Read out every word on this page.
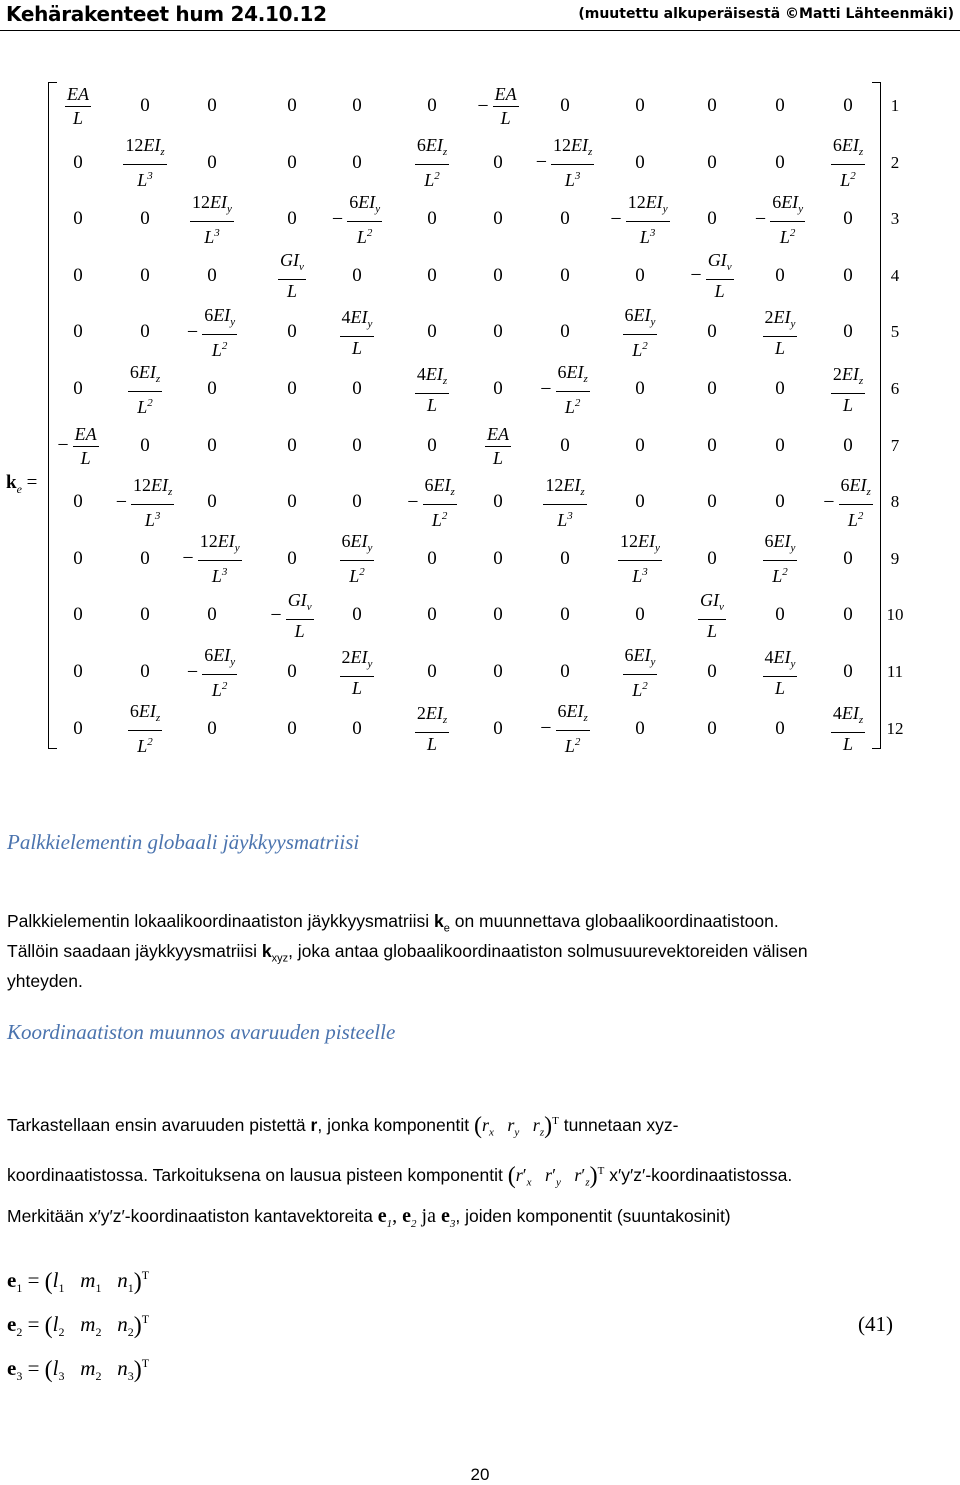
Kehärakenteet hum 24.10.12	(muutettu alkuperäisestä ©Matti Lähteenmäki)
$k_e$ =
$\frac{EA}{L}$	0	0	0	0	0	− $\frac{EA}{L}$	0	0	0	0	0	1
0	$\frac{12EI_z}{L^3}$	0	0	0	$\frac{6EI_z}{L^2}$	0	− $\frac{12EI_z}{L^3}$	0	0	0	$\frac{6EI_z}{L^2}$	2
0	0	$\frac{12EI_y}{L^3}$	0	− $\frac{6EI_y}{L^2}$	0	0	0	− $\frac{12EI_y}{L^3}$	0	− $\frac{6EI_y}{L^2}$	0	3
0	0	0	$\frac{GI_v}{L}$	0	0	0	0	0	− $\frac{GI_v}{L}$	0	0	4
0	0	− $\frac{6EI_y}{L^2}$	0	$\frac{4EI_y}{L}$	0	0	0	$\frac{6EI_y}{L^2}$	0	$\frac{2EI_y}{L}$	0	5
0	$\frac{6EI_z}{L^2}$	0	0	0	$\frac{4EI_z}{L}$	0	− $\frac{6EI_z}{L^2}$	0	0	0	$\frac{2EI_z}{L}$	6
− $\frac{EA}{L}$	0	0	0	0	0	$\frac{EA}{L}$	0	0	0	0	0	7
0	− $\frac{12EI_z}{L^3}$	0	0	0	− $\frac{6EI_z}{L^2}$	0	$\frac{12EI_z}{L^3}$	0	0	0	− $\frac{6EI_z}{L^2}$	8
0	0	− $\frac{12EI_y}{L^3}$	0	$\frac{6EI_y}{L^2}$	0	0	0	$\frac{12EI_y}{L^3}$	0	$\frac{6EI_y}{L^2}$	0	9
0	0	0	− $\frac{GI_v}{L}$	0	0	0	0	0	$\frac{GI_v}{L}$	0	0	10
0	0	− $\frac{6EI_y}{L^2}$	0	$\frac{2EI_y}{L}$	0	0	0	$\frac{6EI_y}{L^2}$	0	$\frac{4EI_y}{L}$	0	11
0	$\frac{6EI_z}{L^2}$	0	0	0	$\frac{2EI_z}{L}$	0	− $\frac{6EI_z}{L^2}$	0	0	0	$\frac{4EI_z}{L}$	12
Palkkielementin globaali jäykkyysmatriisi
Palkkielementin lokaalikoordinaatiston jäykkyysmatriisi $k_e$ on muunnettava globaalikoordinaatistoon.
Tällöin saadaan jäykkyysmatriisi $k_{xyz}$, joka antaa globaalikoordinaatiston solmusuurevektoreiden välisen
yhteyden.
Koordinaatiston muunnos avaruuden pisteelle
Tarkastellaan ensin avaruuden pistettä r, jonka komponentit ($r_x$ $r_y$ $r_z)^T$ tunnetaan xyz-
koordinaatistossa. Tarkoituksena on lausua pisteen komponentit ($r'_x$ $r'_y$ $r'_z)^T$ x′y′z′-koordinaatistossa.
Merkitään x′y′z′-koordinaatiston kantavektoreita $e_1$, $e_2$ ja $e_3$, joiden komponentit (suuntakosinit)
$e_1 = (l_1$ $m_1$ $n_1)^T$
$e_2 = (l_2$ $m_2$ $n_2)^T$
$e_3 = (l_3$ $m_2$ $n_3)^T$
(41)
20
